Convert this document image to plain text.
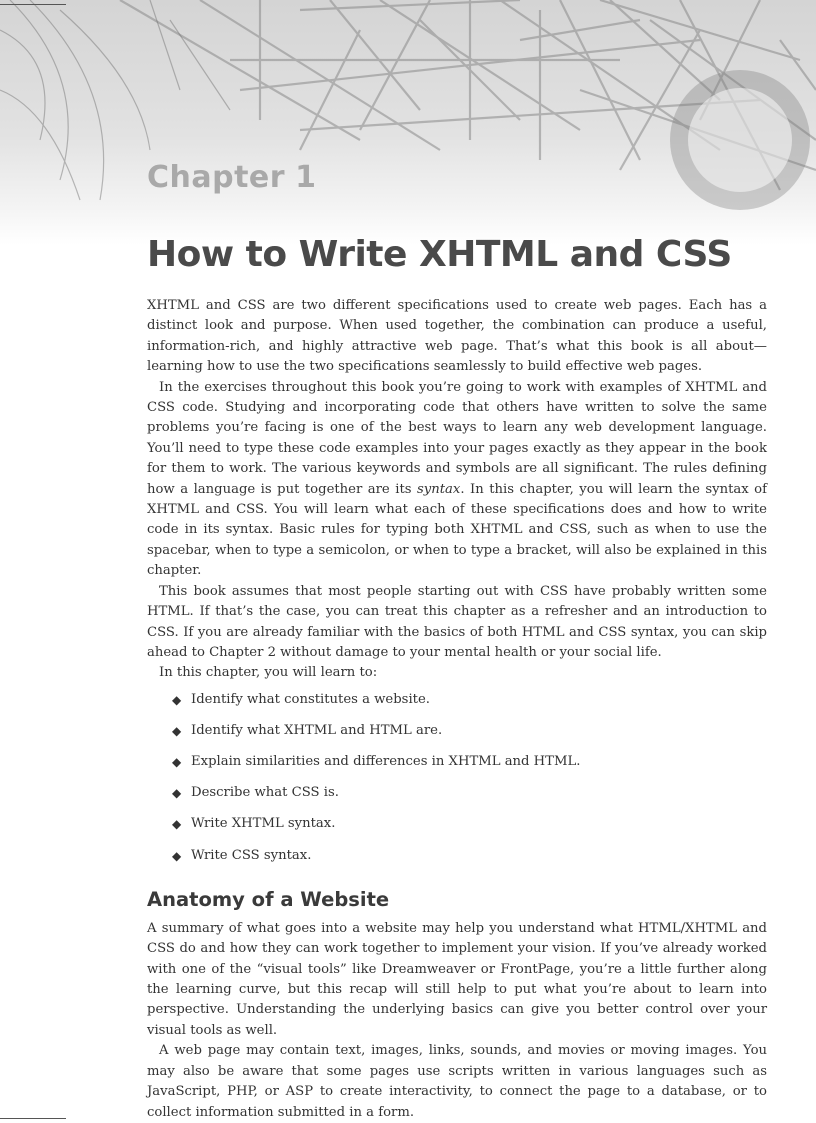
Chapter 1
How to Write XHTML and CSS

XHTML and CSS are two different specifications used to create web pages. Each has a distinct look and purpose. When used together, the combination can produce a useful, information-rich, and highly attractive web page. That’s what this book is all about—learning how to use the two specifications seamlessly to build effective web pages.

In the exercises throughout this book you’re going to work with examples of XHTML and CSS code. Studying and incorporating code that others have written to solve the same problems you’re facing is one of the best ways to learn any web development language. You’ll need to type these code examples into your pages exactly as they appear in the book for them to work. The various keywords and symbols are all significant. The rules defining how a language is put together are its syntax. In this chapter, you will learn the syntax of XHTML and CSS. You will learn what each of these specifications does and how to write code in its syntax. Basic rules for typing both XHTML and CSS, such as when to use the spacebar, when to type a semicolon, or when to type a bracket, will also be explained in this chapter.

This book assumes that most people starting out with CSS have probably written some HTML. If that’s the case, you can treat this chapter as a refresher and an introduction to CSS. If you are already familiar with the basics of both HTML and CSS syntax, you can skip ahead to Chapter 2 without damage to your mental health or your social life.

In this chapter, you will learn to:

◆ Identify what constitutes a website.
◆ Identify what XHTML and HTML are.
◆ Explain similarities and differences in XHTML and HTML.
◆ Describe what CSS is.
◆ Write XHTML syntax.
◆ Write CSS syntax.
Anatomy of a Website

A summary of what goes into a website may help you understand what HTML/XHTML and CSS do and how they can work together to implement your vision. If you’ve already worked with one of the “visual tools” like Dreamweaver or FrontPage, you’re a little further along the learning curve, but this recap will still help to put what you’re about to learn into perspective. Understanding the underlying basics can give you better control over your visual tools as well.

A web page may contain text, images, links, sounds, and movies or moving images. You may also be aware that some pages use scripts written in various languages such as JavaScript, PHP, or ASP to create interactivity, to connect the page to a database, or to collect information submitted in a form.
